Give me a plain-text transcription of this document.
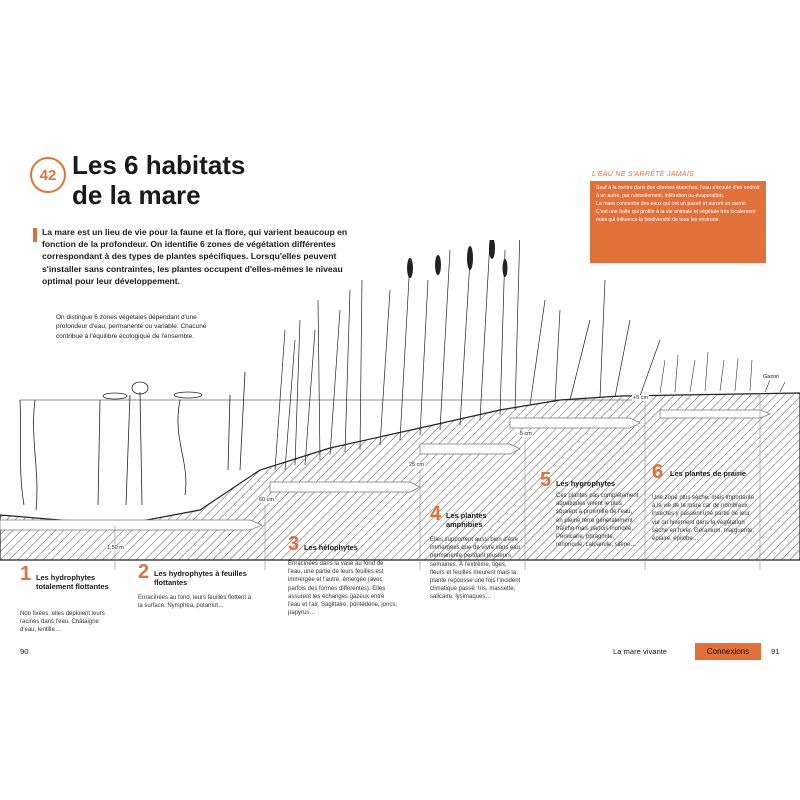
42 Les 6 habitats
de la mare
La mare est un lieu de vie pour la faune et la flore, qui varient beaucoup en fonction de la profondeur. On identifie 6 zones de végétation différentes correspondant à des types de plantes spécifiques. Lorsqu'elles peuvent s'installer sans contraintes, les plantes occupent d'elles-mêmes le niveau optimal pour leur développement.
L'EAU NE S'ARRÊTE JAMAIS

Sauf à la mettre dans des citernes étanches, l'eau s'écoule d'un endroit à un autre, par ruissellement, infiltration ou évaporation.

La mare concentre des eaux qui ont un passé et auront un avenir. C'est une halte qui profite à la vie animale et végétale très localement mais qui influence la biodiversité de tous les environs.

On distingue 6 zones végétales dépendant d'une profondeur d'eau, permanente ou variable. Chacune contribue à l'équilibre écologique de l'ensemble.
Gazon
+5 cm
-5 cm
25 cm
60 cm
1,50 m
1 Les hydrophytes totalement flottantes
Non fixées, elles déploient leurs racines dans l'eau. Châtaigne d'eau, lentille…
2 Les hydrophytes à feuilles flottantes
Enracinées au fond, leurs feuilles flottent à la surface. Nymphea, potamot…
3 Les hélophytes
Enracinées dans la vase au fond de l'eau, une partie de leurs feuilles est immergée et l'autre, émergée (avec parfois des formes différentes). Elles assurent les échanges gazeux entre l'eau et l'air. Sagittaire, pontédérie, joncs, papyrus…
4 Les plantes amphibies
Elles supportent aussi bien d'être immergées que de vivre sans eau permanente pendant plusieurs semaines. À l'extrême, tiges, fleurs et feuilles meurent mais la plante repousse une fois l'incident climatique passé. Iris, massette, salicaire, lysimaques…
5 Les hygrophytes
Ces plantes pas complètement aquatiques vivent le plus souvent à proximité de l'eau, en pleine terre généralement fraîche mais parfois inondée. Persicaire, phragmite, renoncule, calpanule, silène…
6 Les plantes de prairie
Une zone plus sèche, mais importante à la vie de la mare car de nombreux insectes y passent une partie de leur vie ou hivernent dans la végétation sèche en hiver. Géranium, marguerite, épiaire, épilobe…
90	La mare vivante	Connexions	91
